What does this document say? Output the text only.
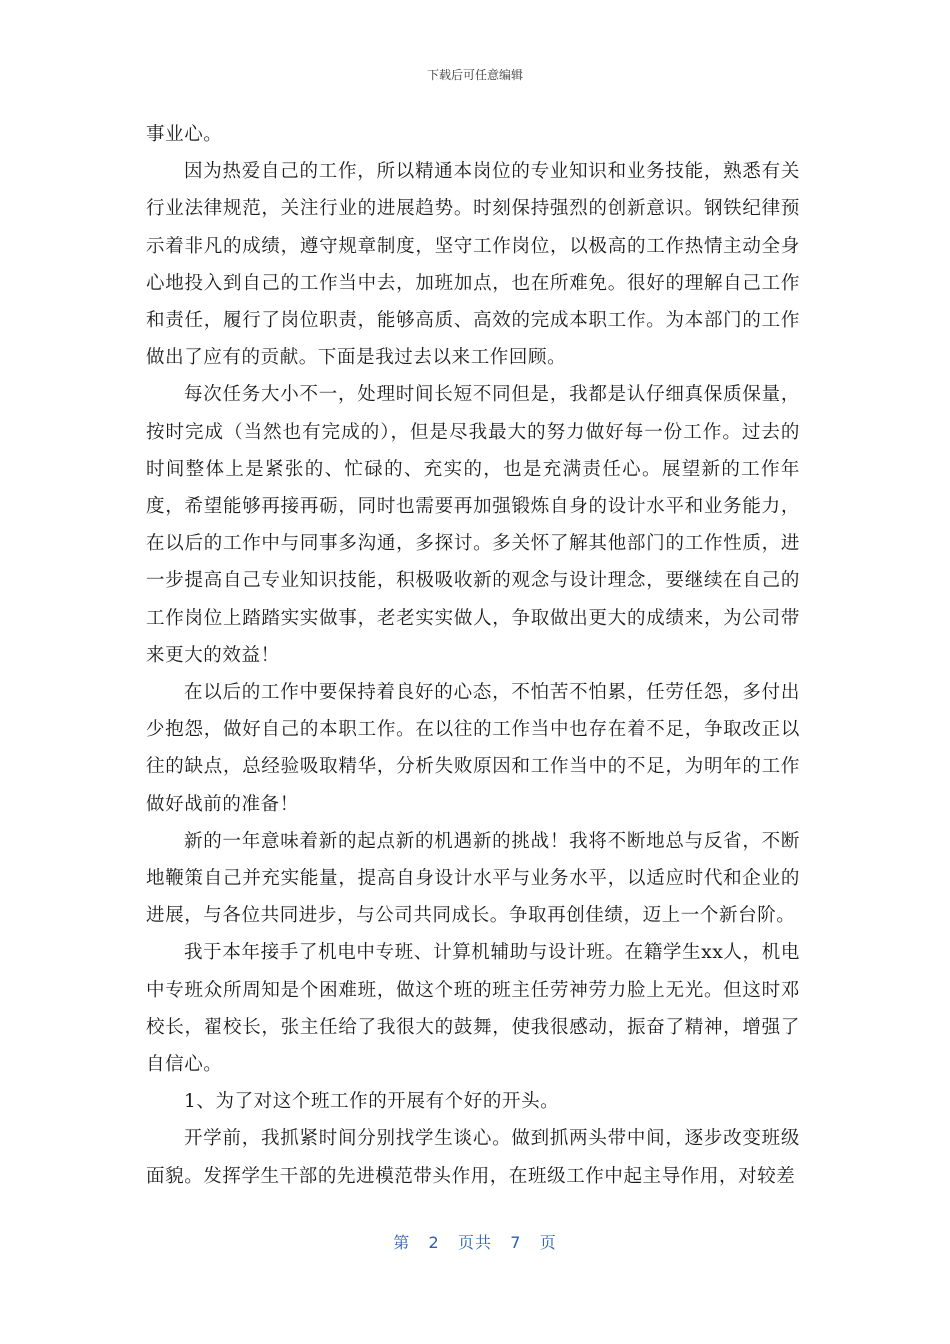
下载后可任意编辑

事业心。

因为热爱自己的工作，所以精通本岗位的专业知识和业务技能，熟悉有关行业法律规范，关注行业的进展趋势。时刻保持强烈的创新意识。钢铁纪律预示着非凡的成绩，遵守规章制度，坚守工作岗位，以极高的工作热情主动全身心地投入到自己的工作当中去，加班加点，也在所难免。很好的理解自己工作和责任，履行了岗位职责，能够高质、高效的完成本职工作。为本部门的工作做出了应有的贡献。下面是我过去以来工作回顾。

每次任务大小不一，处理时间长短不同但是，我都是认仔细真保质保量，按时完成（当然也有完成的），但是尽我最大的努力做好每一份工作。过去的时间整体上是紧张的、忙碌的、充实的，也是充满责任心。展望新的工作年度，希望能够再接再砺，同时也需要再加强锻炼自身的设计水平和业务能力，在以后的工作中与同事多沟通，多探讨。多关怀了解其他部门的工作性质，进一步提高自己专业知识技能，积极吸收新的观念与设计理念，要继续在自己的工作岗位上踏踏实实做事，老老实实做人，争取做出更大的成绩来，为公司带来更大的效益！

在以后的工作中要保持着良好的心态，不怕苦不怕累，任劳任怨，多付出少抱怨，做好自己的本职工作。在以往的工作当中也存在着不足，争取改正以往的缺点，总经验吸取精华，分析失败原因和工作当中的不足，为明年的工作做好战前的准备！

新的一年意味着新的起点新的机遇新的挑战！我将不断地总与反省，不断地鞭策自己并充实能量，提高自身设计水平与业务水平，以适应时代和企业的进展，与各位共同进步，与公司共同成长。争取再创佳绩，迈上一个新台阶。

我于本年接手了机电中专班、计算机辅助与设计班。在籍学生xx人，机电中专班众所周知是个困难班，做这个班的班主任劳神劳力脸上无光。但这时邓校长，翟校长，张主任给了我很大的鼓舞，使我很感动，振奋了精神，增强了自信心。

1、为了对这个班工作的开展有个好的开头。

开学前，我抓紧时间分别找学生谈心。做到抓两头带中间，逐步改变班级面貌。发挥学生干部的先进模范带头作用，在班级工作中起主导作用，对较差

第 2 页共 7 页
